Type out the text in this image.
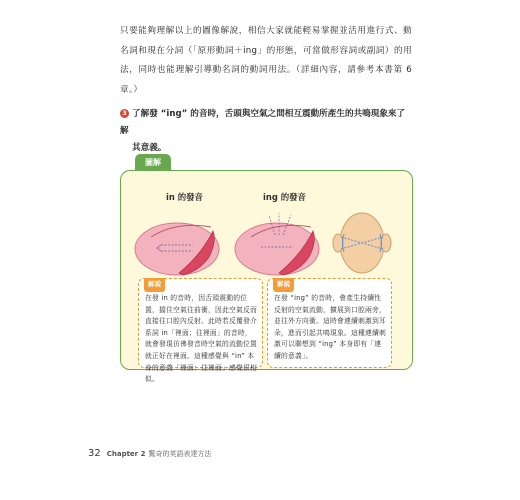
只要能夠理解以上的圖像解說，相信大家就能輕易掌握並活用進行式、動名詞和現在分詞（「原形動詞＋ing」的形態，可當做形容詞或副詞）的用法，同時也能理解引導動名詞的動詞用法。（詳細內容，請參考本書第 6 章。）

3 了解發 “ing” 的音時，舌頭與空氣之間相互震動所產生的共鳴現象來了解
其意義。

圖解
in 的發音	ing 的發音
解說
在發 in 的音時，因舌頭震動的位置，擋住空氣往前衝，因此空氣反而直接往口腔內反射。此時若反覆發介系詞 in「裡面；往裡面」的音時，就會發現彷彿發音時空氣的流動位置就正好在裡面。這種感覺與 “in” 本身的意義「裡面；往裡面」感覺很相似。
解說
在發 “ing” 的音時，會產生持續性反射的空氣流動，擴展到口腔兩旁，並往外方向衝。這時會連續刺激到耳朵，進而引起共鳴現象。這種連續刺激可以聯想到 “ing” 本身即有「連續的意義」。
32 Chapter 2 驚奇的英語表達方法
